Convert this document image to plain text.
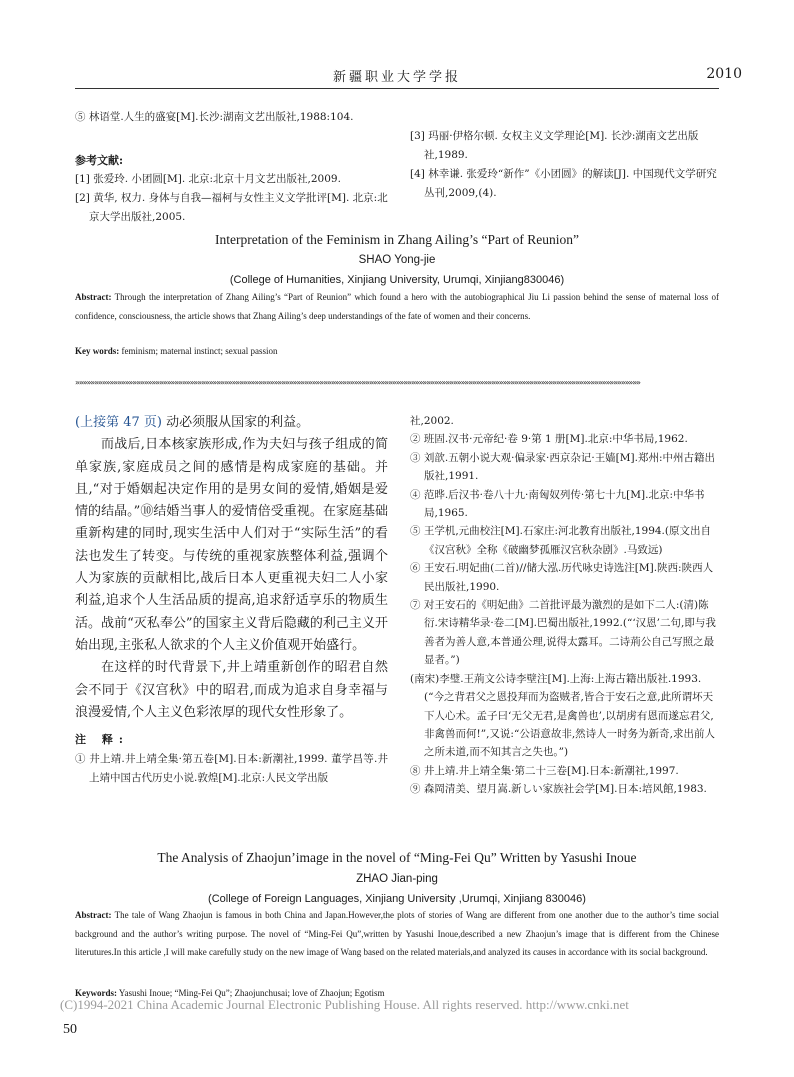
新疆职业大学学报	2010

⑤ 林语堂.人生的盛宴[M].长沙:湖南文艺出版社,1988:104.

参考文献:

[1] 张爱玲. 小团圆[M]. 北京:北京十月文艺出版社,2009.

[2] 黄华, 权力. 身体与自我—福柯与女性主义文学批评[M]. 北京:北京大学出版社,2005.

[3] 玛丽·伊格尔顿. 女权主义文学理论[M]. 长沙:湖南文艺出版社,1989.

[4] 林幸谦. 张爱玲“新作”《小团圆》的解读[J]. 中国现代文学研究丛刊,2009,(4).

Interpretation of the Feminism in Zhang Ailing’s “Part of Reunion”
SHAO Yong-jie
(College of Humanities, Xinjiang University, Urumqi, Xinjiang830046)
Abstract: Through the interpretation of Zhang Ailing’s “Part of Reunion” which found a hero with the autobiographical Jiu Li passion behind the sense of maternal loss of confidence, consciousness, the article shows that Zhang Ailing’s deep understandings of the fate of women and their concerns.
Key words: feminism; maternal instinct; sexual passion
»»»»»»»»»»»»»»»»»»»»»»»»»»»»»»»»»»»»»»»»»»»»»»»»»»»»»»»»»»»»»»»»»»»»»»»»»»»»»»»»»»»»»»»»»»»»»»»»»»»»»»»»»»»»»»»»»»»»»»»»»»»»»»»»»»»»»»»»»»»»»»»»»»»»
(上接第 47 页) 动必须服从国家的利益。

而战后,日本核家族形成,作为夫妇与孩子组成的简单家族,家庭成员之间的感情是构成家庭的基础。并且,“对于婚姻起决定作用的是男女间的爱情,婚姻是爱情的结晶。”⑩结婚当事人的爱情倍受重视。在家庭基础重新构建的同时,现实生活中人们对于“实际生活”的看法也发生了转变。与传统的重视家族整体利益,强调个人为家族的贡献相比,战后日本人更重视夫妇二人小家利益,追求个人生活品质的提高,追求舒适享乐的物质生活。战前“灭私奉公”的国家主义背后隐藏的利己主义开始出现,主张私人欲求的个人主义价值观开始盛行。

在这样的时代背景下,井上靖重新创作的昭君自然会不同于《汉宫秋》中的昭君,而成为追求自身幸福与浪漫爱情,个人主义色彩浓厚的现代女性形象了。

注 释:
① 井上靖.井上靖全集·第五卷[M].日本:新潮社,1999. 董学昌等.井上靖中国古代历史小说.敦煌[M].北京:人民文学出版

社,2002.

② 班固.汉书·元帝纪·卷 9·第 1 册[M].北京:中华书局,1962.

③ 刘歆.五朝小说大观·偏录家·西京杂记·王嫱[M].郑州:中州古籍出版社,1991.

④ 范晔.后汉书·卷八十九·南匈奴列传·第七十九[M].北京:中华书局,1965.

⑤ 王学机,元曲校注[M].石家庄:河北教育出版社,1994.(原文出自《汉宫秋》全称《破幽梦孤雁汉宫秋杂剧》.马致远)

⑥ 王安石.明妃曲(二首)//储大泓.历代咏史诗选注[M].陕西:陕西人民出版社,1990.

⑦ 对王安石的《明妃曲》二首批评最为激烈的是如下二人:(清)陈衍.宋诗精华录·卷二[M].巴蜀出版社,1992.(“‘汉恩’二句,即与我善者为善人意,本普通公理,说得太露耳。二诗荊公自己写照之最显者。”)

(南宋)李璧.王荊文公诗李壁注[M].上海:上海古籍出版社.1993.(“今之背君父之恩投拜而为盗贼者,皆合于安石之意,此所谓坏天下人心术。孟子曰‘无父无君,是禽兽也’,以胡虏有恩而遂忘君父,非禽兽而何!”,又说:“公语意故非,然诗人一时务为新奇,求出前人之所未道,而不知其言之失也。”)

⑧ 井上靖.井上靖全集·第二十三卷[M].日本:新潮社,1997.

⑨ 森岡清美、望月嵩.新しい家族社会学[M].日本:培风館,1983.

The Analysis of Zhaojun’image in the novel of “Ming-Fei Qu” Written by Yasushi Inoue
ZHAO Jian-ping
(College of Foreign Languages, Xinjiang University ,Urumqi, Xinjiang 830046)
Abstract: The tale of Wang Zhaojun is famous in both China and Japan.However,the plots of stories of Wang are different from one another due to the author’s time social background and the author’s writing purpose. The novel of “Ming-Fei Qu”,written by Yasushi Inoue,described a new Zhaojun’s image that is different from the Chinese literutures.In this article ,I will make carefully study on the new image of Wang based on the related materials,and analyzed its causes in accordance with its social background.
Keywords: Yasushi Inoue; “Ming-Fei Qu”; Zhaojunchusai; love of Zhaojun; Egotism
(C)1994-2021 China Academic Journal Electronic Publishing House. All rights reserved. http://www.cnki.net
50
